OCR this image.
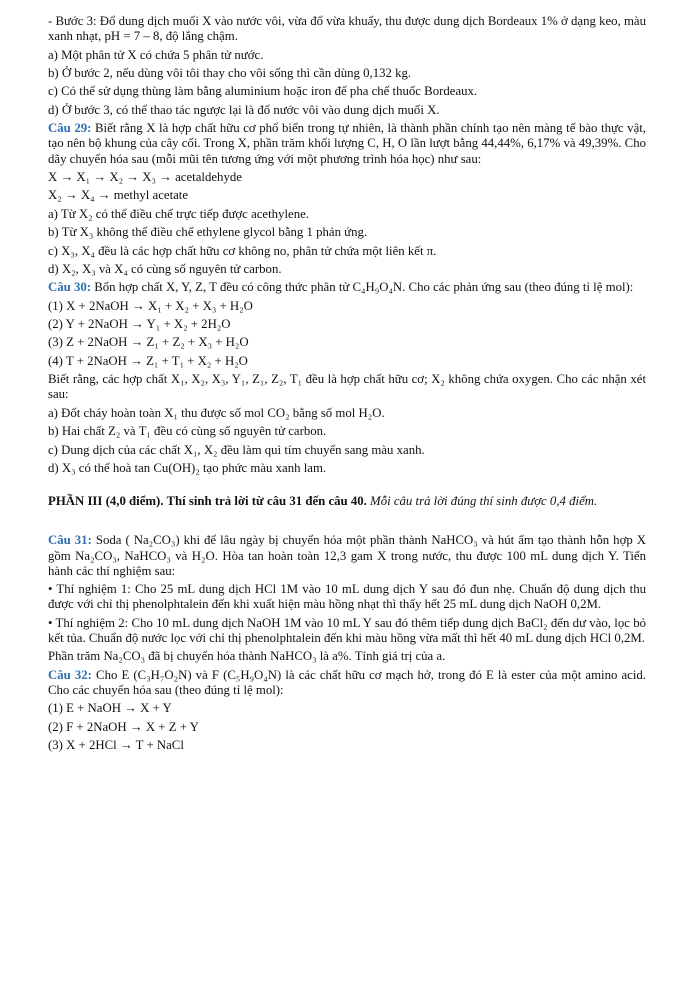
- Bước 3: Đổ dung dịch muối X vào nước vôi, vừa đổ vừa khuấy, thu được dung dịch Bordeaux 1% ở dạng keo, màu xanh nhạt, pH = 7 – 8, độ lắng chậm.

a) Một phân tử X có chứa 5 phân tử nước.

b) Ở bước 2, nếu dùng vôi tôi thay cho vôi sống thì cần dùng 0,132 kg.

c) Có thể sử dụng thùng làm bằng aluminium hoặc iron để pha chế thuốc Bordeaux.

d) Ở bước 3, có thể thao tác ngược lại là đổ nước vôi vào dung dịch muối X.

Câu 29: Biết rằng X là hợp chất hữu cơ phổ biến trong tự nhiên, là thành phần chính tạo nên màng tế bào thực vật, tạo nên bộ khung của cây cối. Trong X, phần trăm khối lượng C, H, O lần lượt bằng 44,44%, 6,17% và 49,39%. Cho dãy chuyển hóa sau (mỗi mũi tên tương ứng với một phương trình hóa học) như sau:

X → X₁ → X₂ → X₃ → acetaldehyde

X₂ → X₄ → methyl acetate

a) Từ X₂ có thể điều chế trực tiếp được acethylene.

b) Từ X₃ không thể điều chế ethylene glycol bằng 1 phản ứng.

c) X₃, X₄ đều là các hợp chất hữu cơ không no, phân tử chứa một liên kết π.

d) X₂, X₃ và X₄ có cùng số nguyên tử carbon.

Câu 30: Bốn hợp chất X, Y, Z, T đều có công thức phân tử C₄H₉O₄N. Cho các phản ứng sau (theo đúng tỉ lệ mol):

(1) X + 2NaOH → X₁ + X₂ + X₃ + H₂O

(2) Y + 2NaOH → Y₁ + X₂ + 2H₂O

(3) Z + 2NaOH → Z₁ + Z₂ + X₃ + H₂O

(4) T + 2NaOH → Z₁ + T₁ + X₂ + H₂O

Biết rằng, các hợp chất X₁, X₂, X₃, Y₁, Z₁, Z₂, T₁ đều là hợp chất hữu cơ; X₂ không chứa oxygen. Cho các nhận xét sau:

a) Đốt cháy hoàn toàn X₁ thu được số mol CO₂ bằng số mol H₂O.

b) Hai chất Z₂ và T₁ đều có cùng số nguyên tử carbon.

c) Dung dịch của các chất X₁, X₂ đều làm quì tím chuyển sang màu xanh.

d) X₃ có thể hoà tan Cu(OH)₂ tạo phức màu xanh lam.

PHẦN III (4,0 điểm). Thí sinh trả lời từ câu 31 đến câu 40. Mỗi câu trả lời đúng thí sinh được 0,4 điểm.

Câu 31: Soda ( Na₂CO₃) khi để lâu ngày bị chuyển hóa một phần thành NaHCO₃ và hút ẩm tạo thành hỗn hợp X gồm Na₂CO₃, NaHCO₃ và H₂O. Hòa tan hoàn toàn 12,3 gam X trong nước, thu được 100 mL dung dịch Y. Tiến hành các thí nghiệm sau:

• Thí nghiệm 1: Cho 25 mL dung dịch HCl 1M vào 10 mL dung dịch Y sau đó đun nhẹ. Chuẩn độ dung dịch thu được với chỉ thị phenolphtalein đến khi xuất hiện màu hồng nhạt thì thấy hết 25 mL dung dịch NaOH 0,2M.

• Thí nghiệm 2: Cho 10 mL dung dịch NaOH 1M vào 10 mL Y sau đó thêm tiếp dung dịch BaCl₂ đến dư vào, lọc bỏ kết tủa. Chuẩn độ nước lọc với chỉ thị phenolphtalein đến khi màu hồng vừa mất thì hết 40 mL dung dịch HCl 0,2M.

Phần trăm Na₂CO₃ đã bị chuyển hóa thành NaHCO₃ là a%. Tính giá trị của a.

Câu 32: Cho E (C₃H₇O₂N) và F (C₅H₉O₄N) là các chất hữu cơ mạch hở, trong đó E là ester của một amino acid. Cho các chuyển hóa sau (theo đúng tỉ lệ mol):

(1) E + NaOH → X + Y

(2) F + 2NaOH → X + Z + Y

(3) X + 2HCl → T + NaCl
